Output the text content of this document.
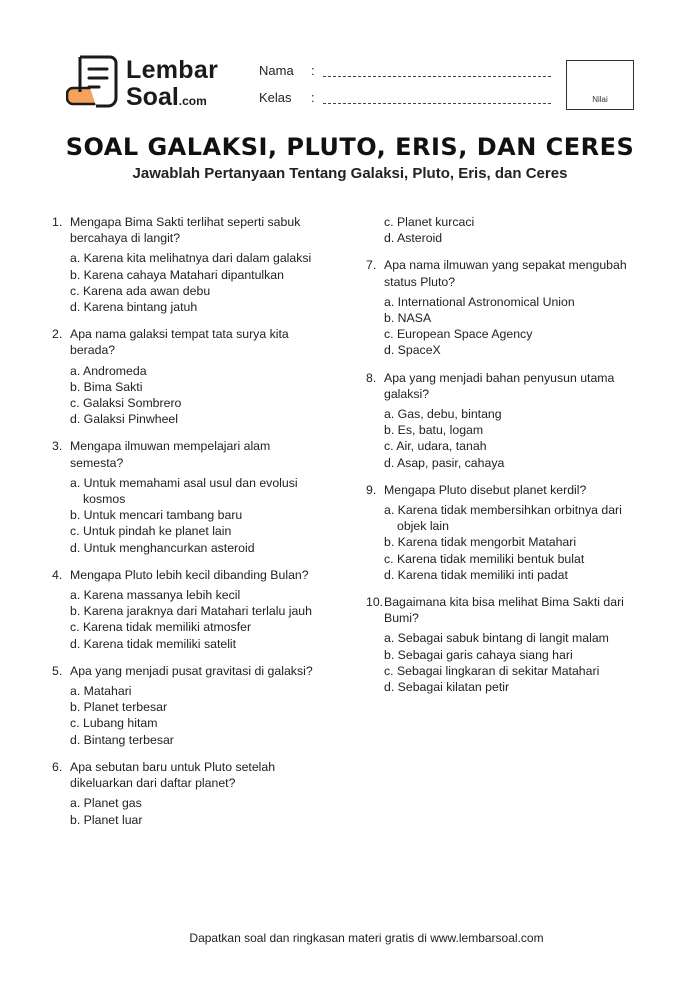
Lembar
Soal.com
Nama :
Kelas :	Nilai
SOAL GALAKSI, PLUTO, ERIS, DAN CERES
Jawablah Pertanyaan Tentang Galaksi, Pluto, Eris, dan Ceres
1. Mengapa Bima Sakti terlihat seperti sabuk bercahaya di langit?
a. Karena kita melihatnya dari dalam galaksi
b. Karena cahaya Matahari dipantulkan
c. Karena ada awan debu
d. Karena bintang jatuh
2. Apa nama galaksi tempat tata surya kita berada?
a. Andromeda
b. Bima Sakti
c. Galaksi Sombrero
d. Galaksi Pinwheel
3. Mengapa ilmuwan mempelajari alam semesta?
a. Untuk memahami asal usul dan evolusi kosmos
b. Untuk mencari tambang baru
c. Untuk pindah ke planet lain
d. Untuk menghancurkan asteroid
4. Mengapa Pluto lebih kecil dibanding Bulan?
a. Karena massanya lebih kecil
b. Karena jaraknya dari Matahari terlalu jauh
c. Karena tidak memiliki atmosfer
d. Karena tidak memiliki satelit
5. Apa yang menjadi pusat gravitasi di galaksi?
a. Matahari
b. Planet terbesar
c. Lubang hitam
d. Bintang terbesar
6. Apa sebutan baru untuk Pluto setelah dikeluarkan dari daftar planet?
a. Planet gas
b. Planet luar
c. Planet kurcaci
d. Asteroid
7. Apa nama ilmuwan yang sepakat mengubah status Pluto?
a. International Astronomical Union
b. NASA
c. European Space Agency
d. SpaceX
8. Apa yang menjadi bahan penyusun utama galaksi?
a. Gas, debu, bintang
b. Es, batu, logam
c. Air, udara, tanah
d. Asap, pasir, cahaya
9. Mengapa Pluto disebut planet kerdil?
a. Karena tidak membersihkan orbitnya dari objek lain
b. Karena tidak mengorbit Matahari
c. Karena tidak memiliki bentuk bulat
d. Karena tidak memiliki inti padat
10. Bagaimana kita bisa melihat Bima Sakti dari Bumi?
a. Sebagai sabuk bintang di langit malam
b. Sebagai garis cahaya siang hari
c. Sebagai lingkaran di sekitar Matahari
d. Sebagai kilatan petir
Dapatkan soal dan ringkasan materi gratis di www.lembarsoal.com
